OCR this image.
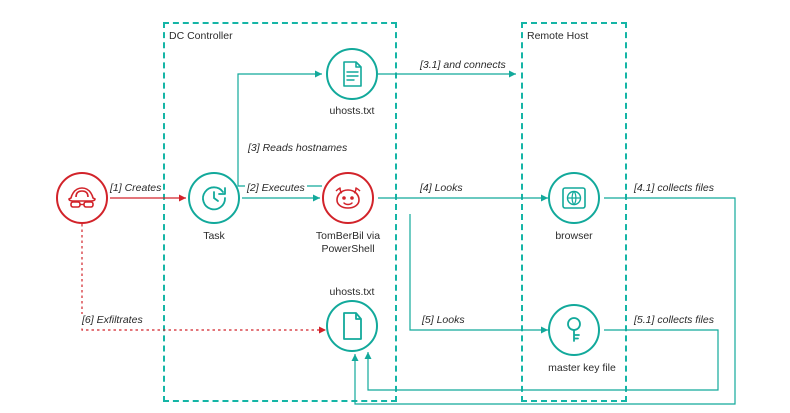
DC Controller	Remote Host
Task	TomBerBil via
PowerShell
uhosts.txt
uhosts.txt
browser
master key file
[1] Creates	[2] Executes
[3] Reads hostnames
[3.1] and connects
[4] Looks	[4.1] collects files
[5] Looks	[5.1] collects files
[6] Exfiltrates
